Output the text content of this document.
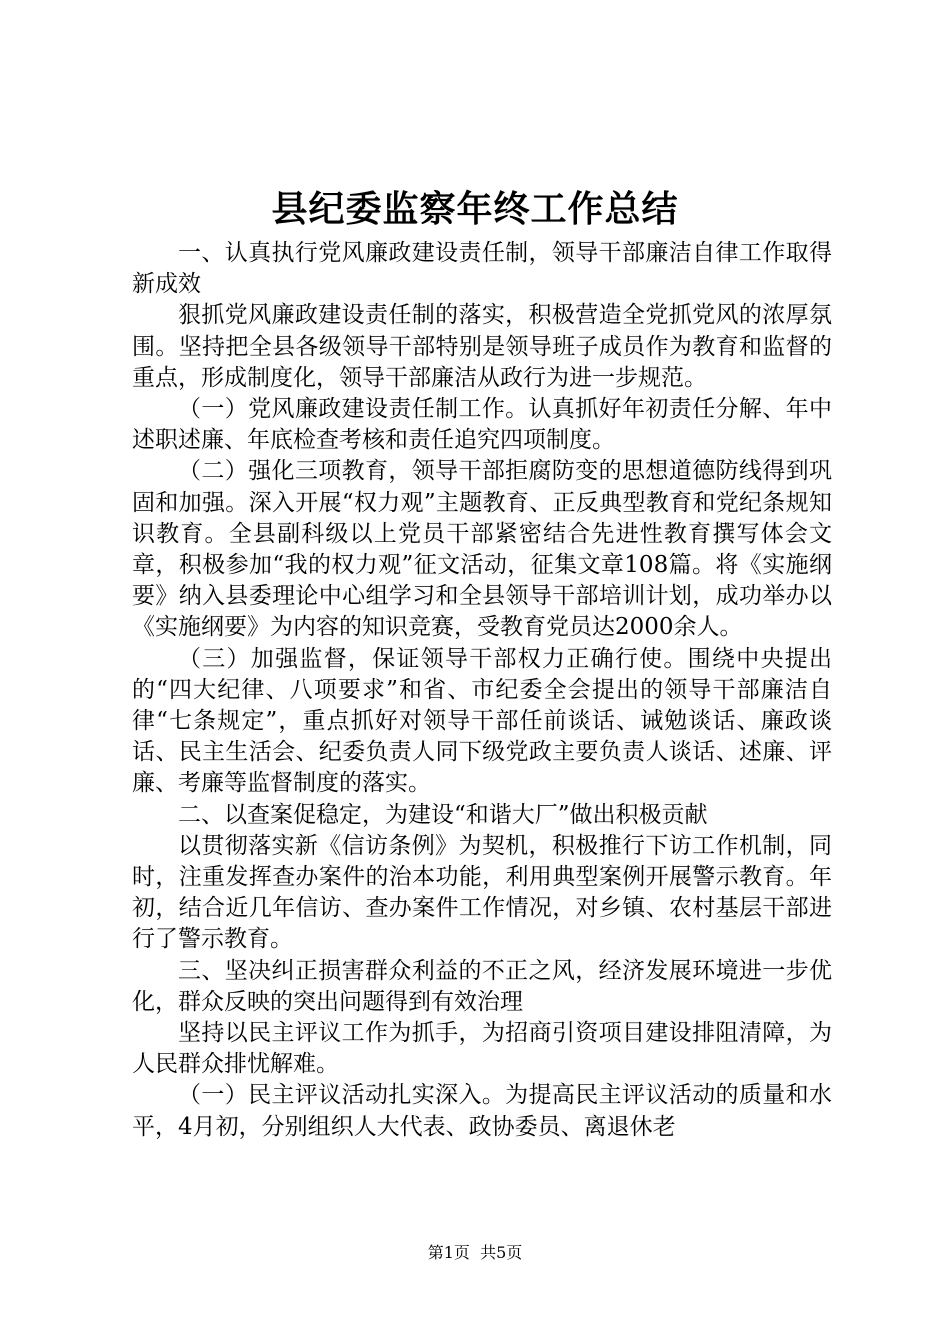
县纪委监察年终工作总结

一、认真执行党风廉政建设责任制，领导干部廉洁自律工作取得新成效

狠抓党风廉政建设责任制的落实，积极营造全党抓党风的浓厚氛围。坚持把全县各级领导干部特别是领导班子成员作为教育和监督的重点，形成制度化，领导干部廉洁从政行为进一步规范。

（一）党风廉政建设责任制工作。认真抓好年初责任分解、年中述职述廉、年底检查考核和责任追究四项制度。

（二）强化三项教育，领导干部拒腐防变的思想道德防线得到巩固和加强。深入开展“权力观”主题教育、正反典型教育和党纪条规知识教育。全县副科级以上党员干部紧密结合先进性教育撰写体会文章，积极参加“我的权力观”征文活动，征集文章108篇。将《实施纲要》纳入县委理论中心组学习和全县领导干部培训计划，成功举办以《实施纲要》为内容的知识竞赛，受教育党员达2000余人。

（三）加强监督，保证领导干部权力正确行使。围绕中央提出的“四大纪律、八项要求”和省、市纪委全会提出的领导干部廉洁自律“七条规定”，重点抓好对领导干部任前谈话、诫勉谈话、廉政谈话、民主生活会、纪委负责人同下级党政主要负责人谈话、述廉、评廉、考廉等监督制度的落实。

二、以查案促稳定，为建设“和谐大厂”做出积极贡献

以贯彻落实新《信访条例》为契机，积极推行下访工作机制，同时，注重发挥查办案件的治本功能，利用典型案例开展警示教育。年初，结合近几年信访、查办案件工作情况，对乡镇、农村基层干部进行了警示教育。

三、坚决纠正损害群众利益的不正之风，经济发展环境进一步优化，群众反映的突出问题得到有效治理

坚持以民主评议工作为抓手，为招商引资项目建设排阻清障，为人民群众排忧解难。

（一）民主评议活动扎实深入。为提高民主评议活动的质量和水平，4月初，分别组织人大代表、政协委员、离退休老

第1页  共5页
